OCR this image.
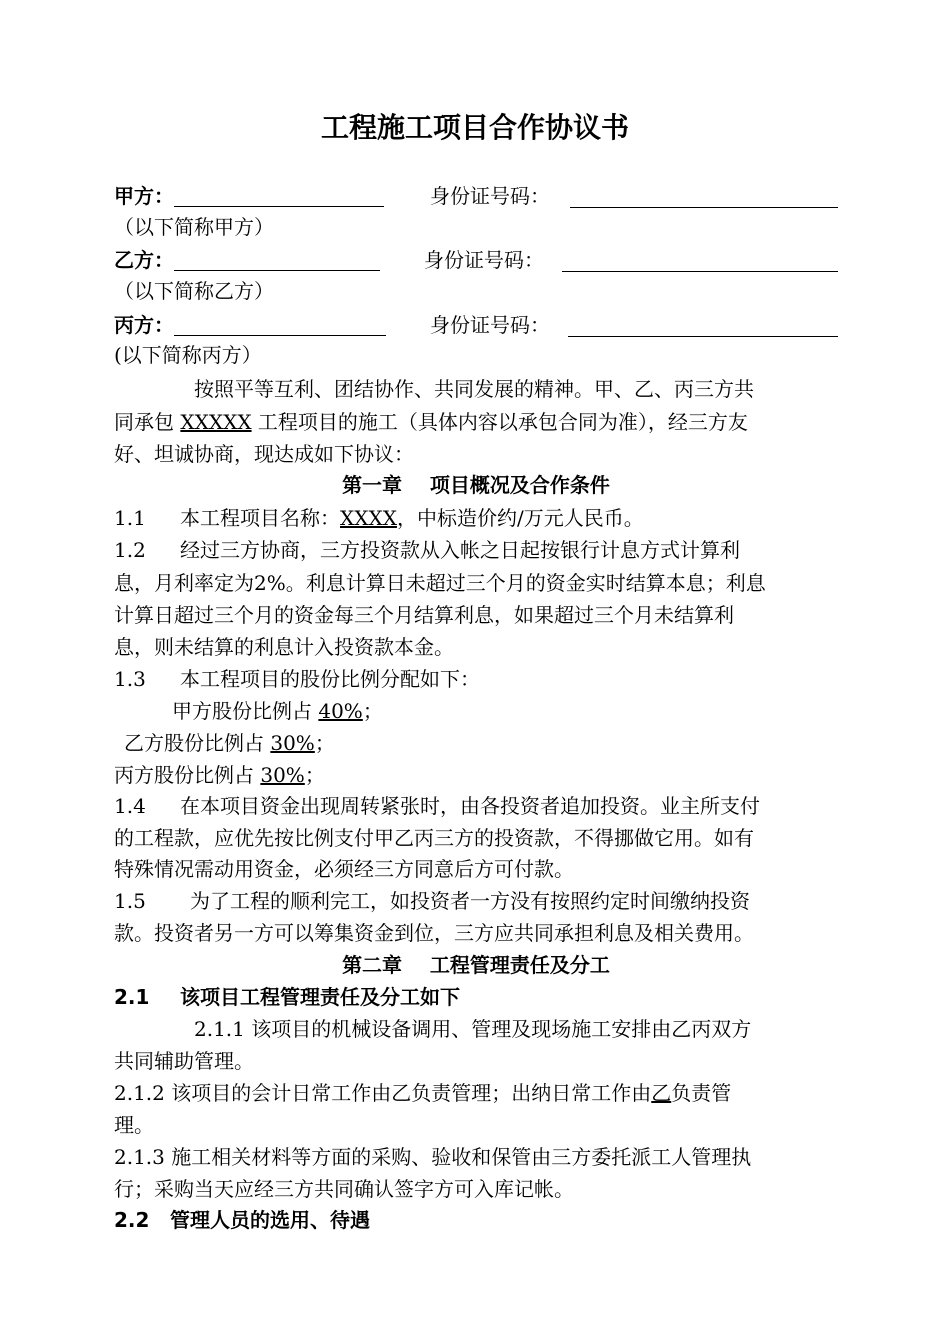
工程施工项目合作协议书
甲方：	身份证号码：
（以下简称甲方）
乙方：	身份证号码：
（以下简称乙方）
丙方：	身份证号码：
(以下简称丙方）
按照平等互利、团结协作、共同发展的精神。甲、乙、丙三方共
同承包 XXXXX 工程项目的施工（具体内容以承包合同为准），经三方友
好、坦诚协商，现达成如下协议：
第一章    项目概况及合作条件
1.1 本工程项目名称：XXXX，中标造价约/万元人民币。
1.2 经过三方协商，三方投资款从入帐之日起按银行计息方式计算利
息，月利率定为2%。利息计算日未超过三个月的资金实时结算本息；利息
计算日超过三个月的资金每三个月结算利息，如果超过三个月未结算利
息，则未结算的利息计入投资款本金。
1.3 本工程项目的股份比例分配如下：
甲方股份比例占 40%；
乙方股份比例占 30%；
丙方股份比例占 30%；
1.4 在本项目资金出现周转紧张时，由各投资者追加投资。业主所支付
的工程款，应优先按比例支付甲乙丙三方的投资款，不得挪做它用。如有
特殊情况需动用资金，必须经三方同意后方可付款。
1.5 为了工程的顺利完工，如投资者一方没有按照约定时间缴纳投资
款。投资者另一方可以筹集资金到位，三方应共同承担利息及相关费用。
第二章    工程管理责任及分工
2.1 该项目工程管理责任及分工如下
2.1.1 该项目的机械设备调用、管理及现场施工安排由乙丙双方
共同辅助管理。
2.1.2 该项目的会计日常工作由乙负责管理；出纳日常工作由乙负责管
理。
2.1.3 施工相关材料等方面的采购、验收和保管由三方委托派工人管理执
行；采购当天应经三方共同确认签字方可入库记帐。
2.2 管理人员的选用、待遇
